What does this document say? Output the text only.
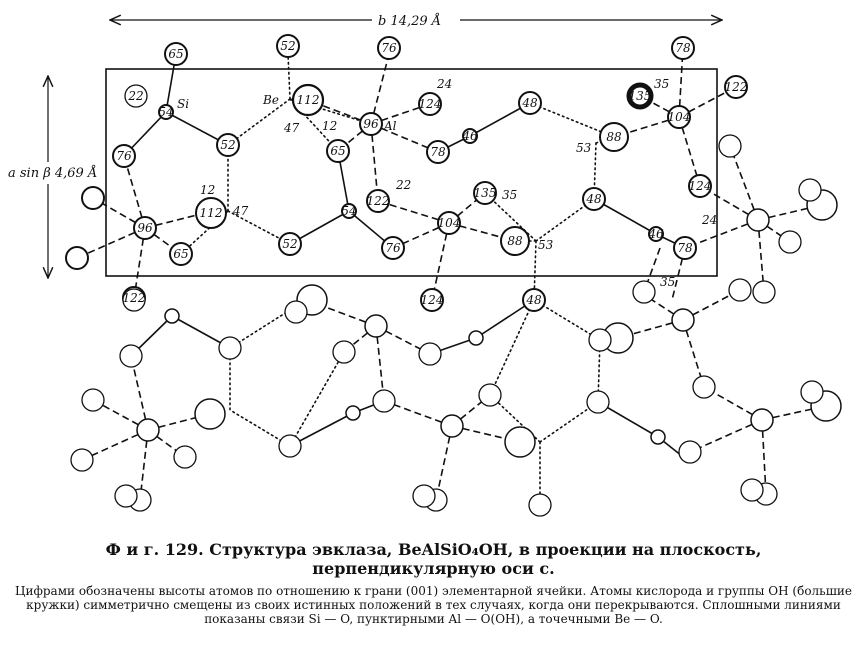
b 14,29 Å
a sin β 4,69 Å
65
52	76	78
22
54
112
47 12 96
124
24
48	135
35	122
76
52	65	78
88
53
46
104
12
112 47
122
22
135 35
104
48
124
24
96
65
52
54
76	88 53
46
78
122	124	48
35
Si	Be
Al

Ф и г. 129. Структура эвклаза, BeAlSiO₄OH, в проекции на плоскость, перпендикулярную оси c.

Цифрами обозначены высоты атомов по отношению к грани (001) элементарной ячейки. Атомы кислорода и группы OH (большие кружки) симметрично смещены из своих истинных положений в тех случаях, когда они перекрываются. Сплошными линиями показаны связи Si — O, пунктирными Al — O(OH), а точечными Be — O.
